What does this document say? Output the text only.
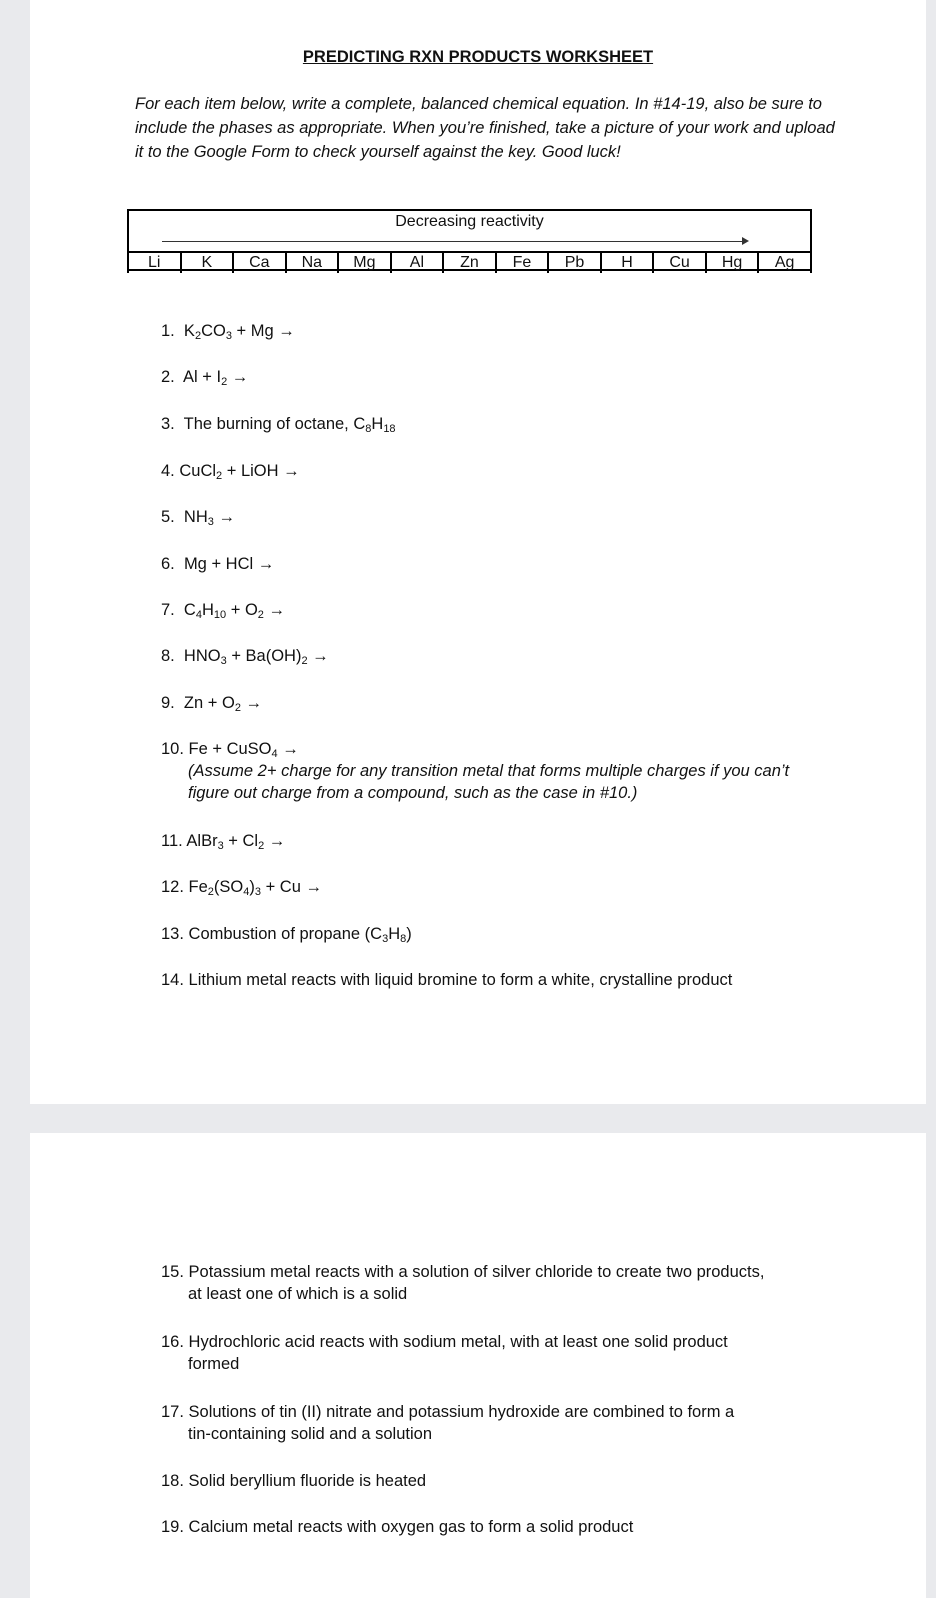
PREDICTING RXN PRODUCTS WORKSHEET
For each item below, write a complete, balanced chemical equation. In #14-19, also be sure to include the phases as appropriate. When you’re finished, take a picture of your work and upload it to the Google Form to check yourself against the key. Good luck!
Decreasing reactivity
Li	K	Ca	Na	Mg	Al	Zn	Fe	Pb	H	Cu	Hg	Ag
1.  $K_2CO_3 + Mg$ →
2.  $Al + I_2$ →
3. The burning of octane, $C_8H_{18}$
4. CuCl$_2$ + LiOH →
5.  $NH_3$ →
6. Mg + HCl →
7.  $C_4H_{10} + O_2$ →
8.  $HNO_3 + Ba(OH)_2$ →
9.  $Zn + O_2$ →
10. Fe + CuSO$_4$ →
(Assume 2+ charge for any transition metal that forms multiple charges if you can’t figure out charge from a compound, such as the case in #10.)
11. AlBr$_3$ + $Cl_2$ →
12. $Fe_2(SO_4)_3 + Cu$ →
13. Combustion of propane $(C_3H_8)$
14. Lithium metal reacts with liquid bromine to form a white, crystalline product
15. Potassium metal reacts with a solution of silver chloride to create two products,
at least one of which is a solid
16. Hydrochloric acid reacts with sodium metal, with at least one solid product
formed
17. Solutions of tin (II) nitrate and potassium hydroxide are combined to form a
tin-containing solid and a solution
18. Solid beryllium fluoride is heated
19. Calcium metal reacts with oxygen gas to form a solid product
